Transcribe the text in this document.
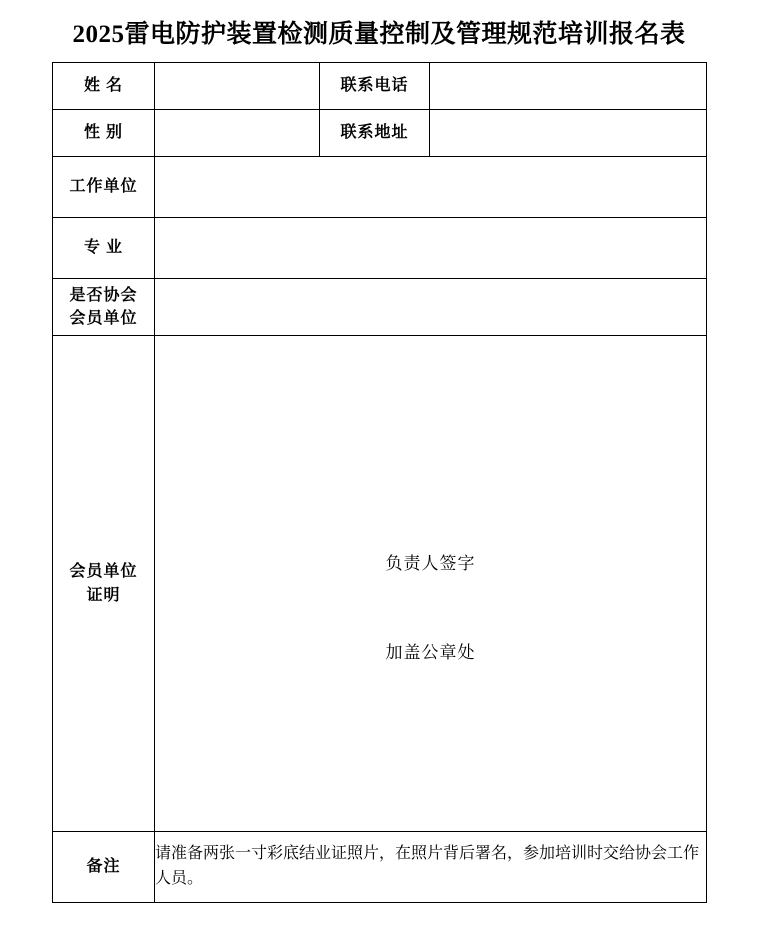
2025雷电防护装置检测质量控制及管理规范培训报名表
姓 名		联系电话	
性 别		联系地址	
工作单位			
专 业			

是否协会
会员单位			

会员单位
证明

负责人签字
加盖公章处

备注	请准备两张一寸彩底结业证照片，在照片背后署名，参加培训时交给协会工作人员。		
